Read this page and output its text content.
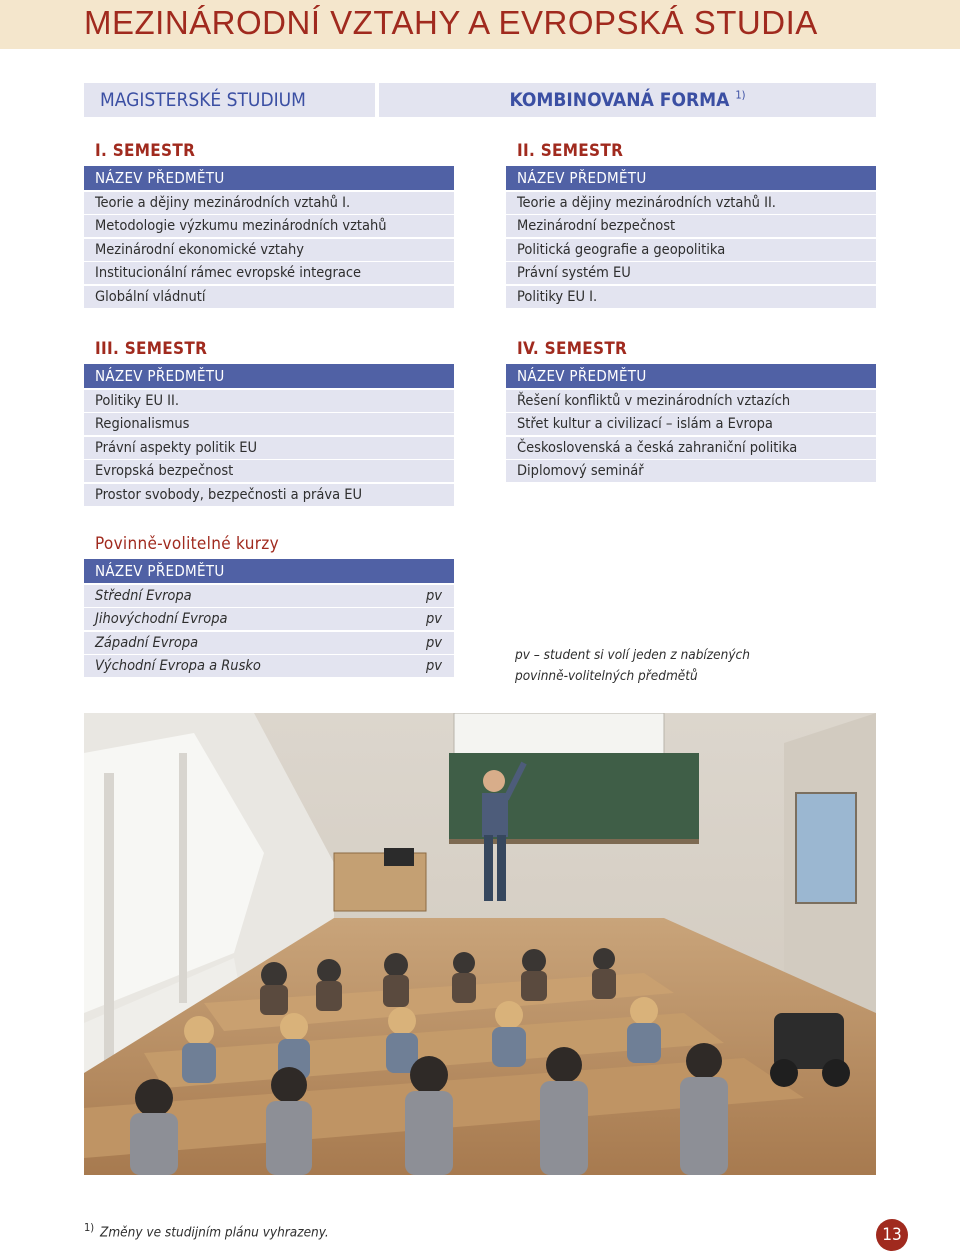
MEZINÁRODNÍ VZTAHY A EVROPSKÁ STUDIA
MAGISTERSKÉ STUDIUM	KOMBINOVANÁ FORMA $^{1)}$
I. SEMESTR
NÁZEV PŘEDMĚTU
Teorie a dějiny mezinárodních vztahů I.
Metodologie výzkumu mezinárodních vztahů
Mezinárodní ekonomické vztahy
Institucionální rámec evropské integrace
Globální vládnutí
II. SEMESTR
NÁZEV PŘEDMĚTU
Teorie a dějiny mezinárodních vztahů II.
Mezinárodní bezpečnost
Politická geografie a geopolitika
Právní systém EU
Politiky EU I.
III. SEMESTR
NÁZEV PŘEDMĚTU
Politiky EU II.
Regionalismus
Právní aspekty politik EU
Evropská bezpečnost
Prostor svobody, bezpečnosti a práva EU
IV. SEMESTR
NÁZEV PŘEDMĚTU
Řešení konfliktů v mezinárodních vztazích
Střet kultur a civilizací – islám a Evropa
Československá a česká zahraniční politika
Diplomový seminář
Povinně-volitelné kurzy
NÁZEV PŘEDMĚTU
Střední Evropa	pv
Jihovýchodní Evropa	pv
Západní Evropa	pv
Východní Evropa a Rusko	pv
pv – student si volí jeden z nabízených
povinně-volitelných předmětů
$^{1)}$ Změny ve studijním plánu vyhrazeny.	13
